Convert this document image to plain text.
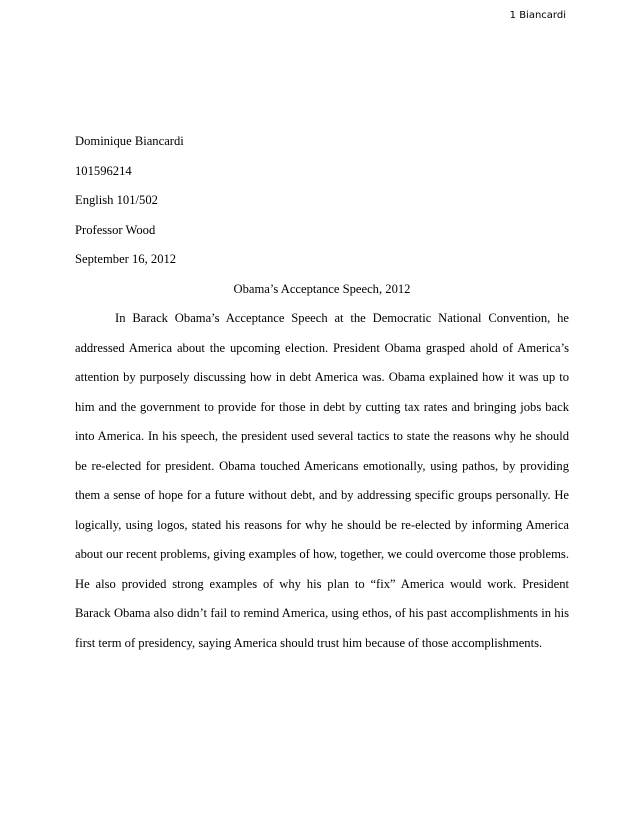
1 Biancardi

Dominique Biancardi

101596214

English 101/502

Professor Wood

September 16, 2012

Obama’s Acceptance Speech, 2012

In Barack Obama’s Acceptance Speech at the Democratic National Convention, he addressed America about the upcoming election. President Obama grasped ahold of America’s attention by purposely discussing how in debt America was. Obama explained how it was up to him and the government to provide for those in debt by cutting tax rates and bringing jobs back into America. In his speech, the president used several tactics to state the reasons why he should be re-elected for president. Obama touched Americans emotionally, using pathos, by providing them a sense of hope for a future without debt, and by addressing specific groups personally. He logically, using logos, stated his reasons for why he should be re-elected by informing America about our recent problems, giving examples of how, together, we could overcome those problems. He also provided strong examples of why his plan to “fix” America would work. President Barack Obama also didn’t fail to remind America, using ethos, of his past accomplishments in his first term of presidency, saying America should trust him because of those accomplishments.
